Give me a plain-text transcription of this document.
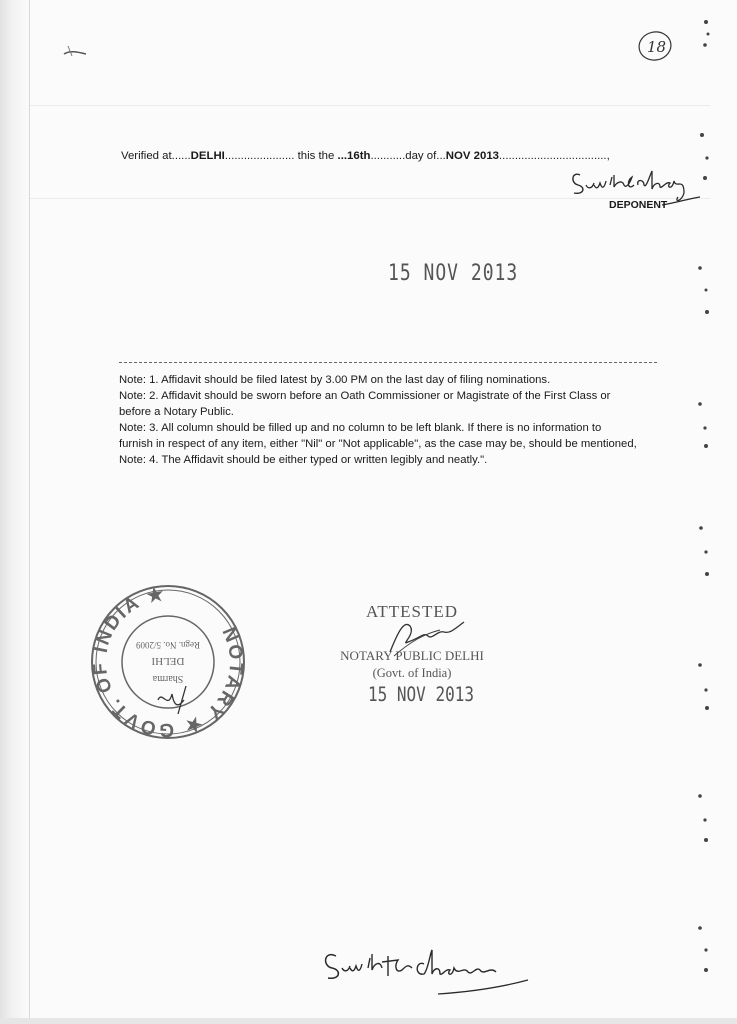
18
Verified at......DELHI...................... this the ...16th...........day of...NOV 2013..................................,
DEPONENT
15 NOV 2013
Note: 1. Affidavit should be filed latest by 3.00 PM on the last day of filing nominations.
Note: 2. Affidavit should be sworn before an Oath Commissioner or Magistrate of the First Class or
before a Notary Public.
Note: 3. All column should be filled up and no column to be left blank. If there is no information to
furnish in respect of any item, either "Nil" or "Not applicable", as the case may be, should be mentioned,
Note: 4. The Affidavit should be either typed or written legibly and neatly.".
NOTARY ★ GOVT. OF INDIA ★
Sharma
DELHI
Regn. No. 5/2009
ATTESTED
NOTARY PUBLIC DELHI
(Govt. of India)
15 NOV 2013
